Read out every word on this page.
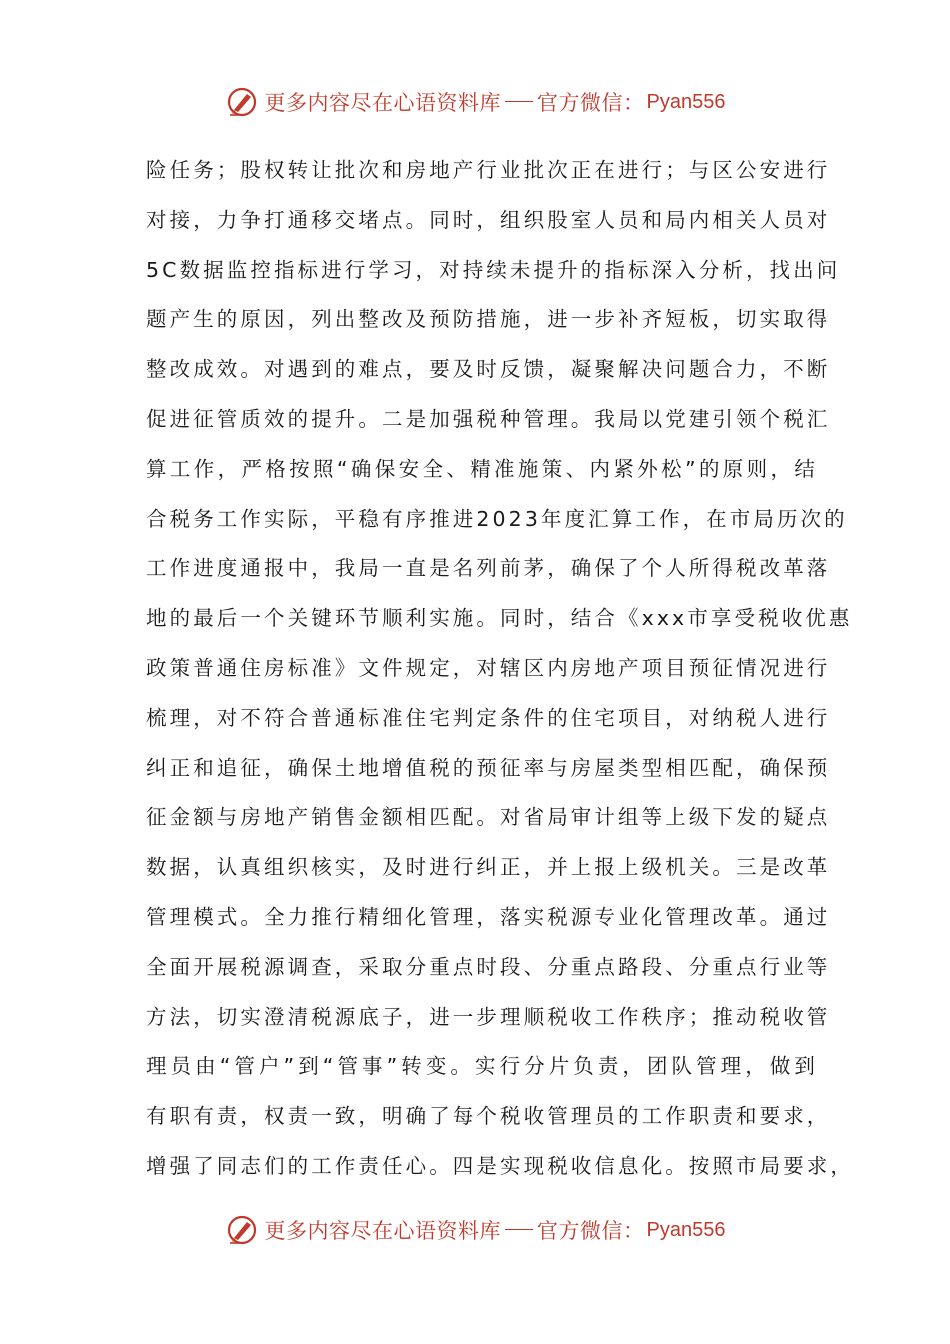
更多内容尽在心语资料库 官方微信： Pyan556
险任务；股权转让批次和房地产行业批次正在进行；与区公安进行
对接，力争打通移交堵点。同时，组织股室人员和局内相关人员对
5C数据监控指标进行学习，对持续未提升的指标深入分析，找出问
题产生的原因，列出整改及预防措施，进一步补齐短板，切实取得
整改成效。对遇到的难点，要及时反馈，凝聚解决问题合力，不断
促进征管质效的提升。二是加强税种管理。我局以党建引领个税汇
算工作，严格按照“确保安全、精准施策、内紧外松”的原则，结
合税务工作实际，平稳有序推进2023年度汇算工作，在市局历次的
工作进度通报中，我局一直是名列前茅，确保了个人所得税改革落
地的最后一个关键环节顺利实施。同时，结合《xxx市享受税收优惠
政策普通住房标准》文件规定，对辖区内房地产项目预征情况进行
梳理，对不符合普通标准住宅判定条件的住宅项目，对纳税人进行
纠正和追征，确保土地增值税的预征率与房屋类型相匹配，确保预
征金额与房地产销售金额相匹配。对省局审计组等上级下发的疑点
数据，认真组织核实，及时进行纠正，并上报上级机关。三是改革
管理模式。全力推行精细化管理，落实税源专业化管理改革。通过
全面开展税源调查，采取分重点时段、分重点路段、分重点行业等
方法，切实澄清税源底子，进一步理顺税收工作秩序；推动税收管
理员由“管户”到“管事”转变。实行分片负责，团队管理，做到
有职有责，权责一致，明确了每个税收管理员的工作职责和要求，
增强了同志们的工作责任心。四是实现税收信息化。按照市局要求，
更多内容尽在心语资料库 官方微信： Pyan556
